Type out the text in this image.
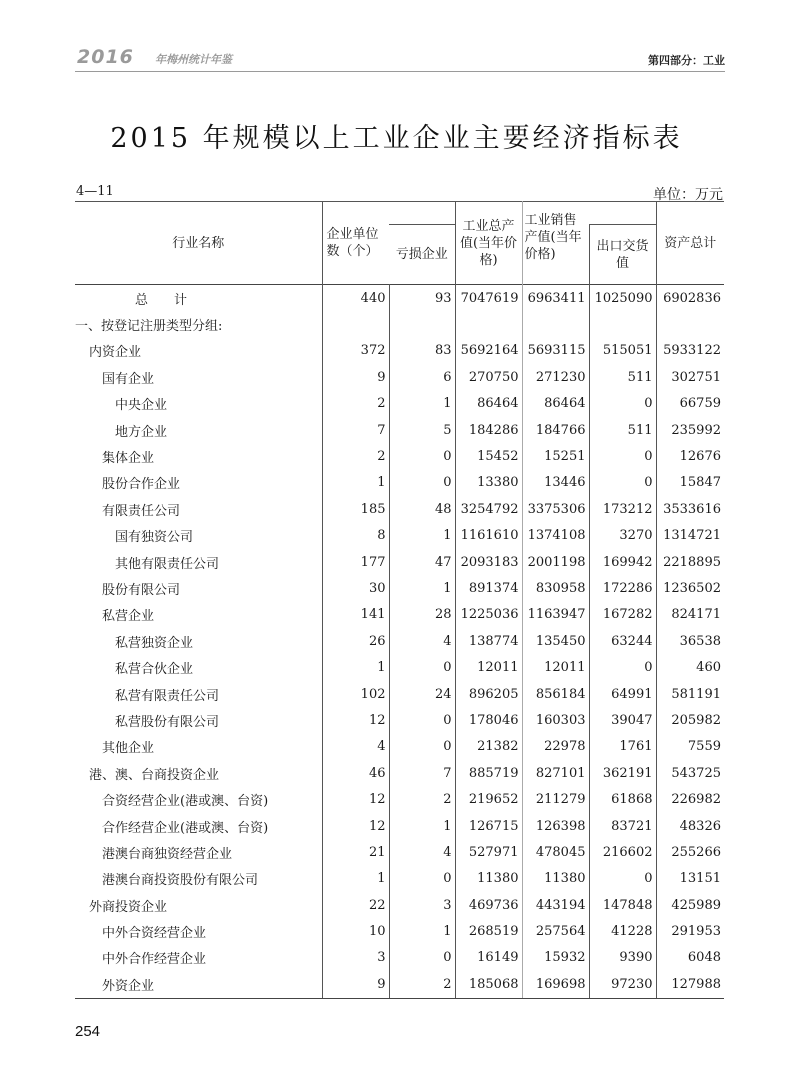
2016 年梅州统计年鉴	第四部分：工业
2015 年规模以上工业企业主要经济指标表
4—11	单位：万元
行业名称	企业单位数（个）		工业总产值(当年价格)	工业销售产值(当年价格)		资产总计
		亏损企业			出口交货值	
总　　计	440	93	7047619	6963411	1025090	6902836
一、按登记注册类型分组:						
内资企业	372	83	5692164	5693115	515051	5933122
国有企业	9	6	270750	271230	511	302751
中央企业	2	1	86464	86464	0	66759
地方企业	7	5	184286	184766	511	235992
集体企业	2	0	15452	15251	0	12676
股份合作企业	1	0	13380	13446	0	15847
有限责任公司	185	48	3254792	3375306	173212	3533616
国有独资公司	8	1	1161610	1374108	3270	1314721
其他有限责任公司	177	47	2093183	2001198	169942	2218895
股份有限公司	30	1	891374	830958	172286	1236502
私营企业	141	28	1225036	1163947	167282	824171
私营独资企业	26	4	138774	135450	63244	36538
私营合伙企业	1	0	12011	12011	0	460
私营有限责任公司	102	24	896205	856184	64991	581191
私营股份有限公司	12	0	178046	160303	39047	205982
其他企业	4	0	21382	22978	1761	7559
港、澳、台商投资企业	46	7	885719	827101	362191	543725
合资经营企业(港或澳、台资)	12	2	219652	211279	61868	226982
合作经营企业(港或澳、台资)	12	1	126715	126398	83721	48326
港澳台商独资经营企业	21	4	527971	478045	216602	255266
港澳台商投资股份有限公司	1	0	11380	11380	0	13151
外商投资企业	22	3	469736	443194	147848	425989
中外合资经营企业	10	1	268519	257564	41228	291953
中外合作经营企业	3	0	16149	15932	9390	6048
外资企业	9	2	185068	169698	97230	127988
254
